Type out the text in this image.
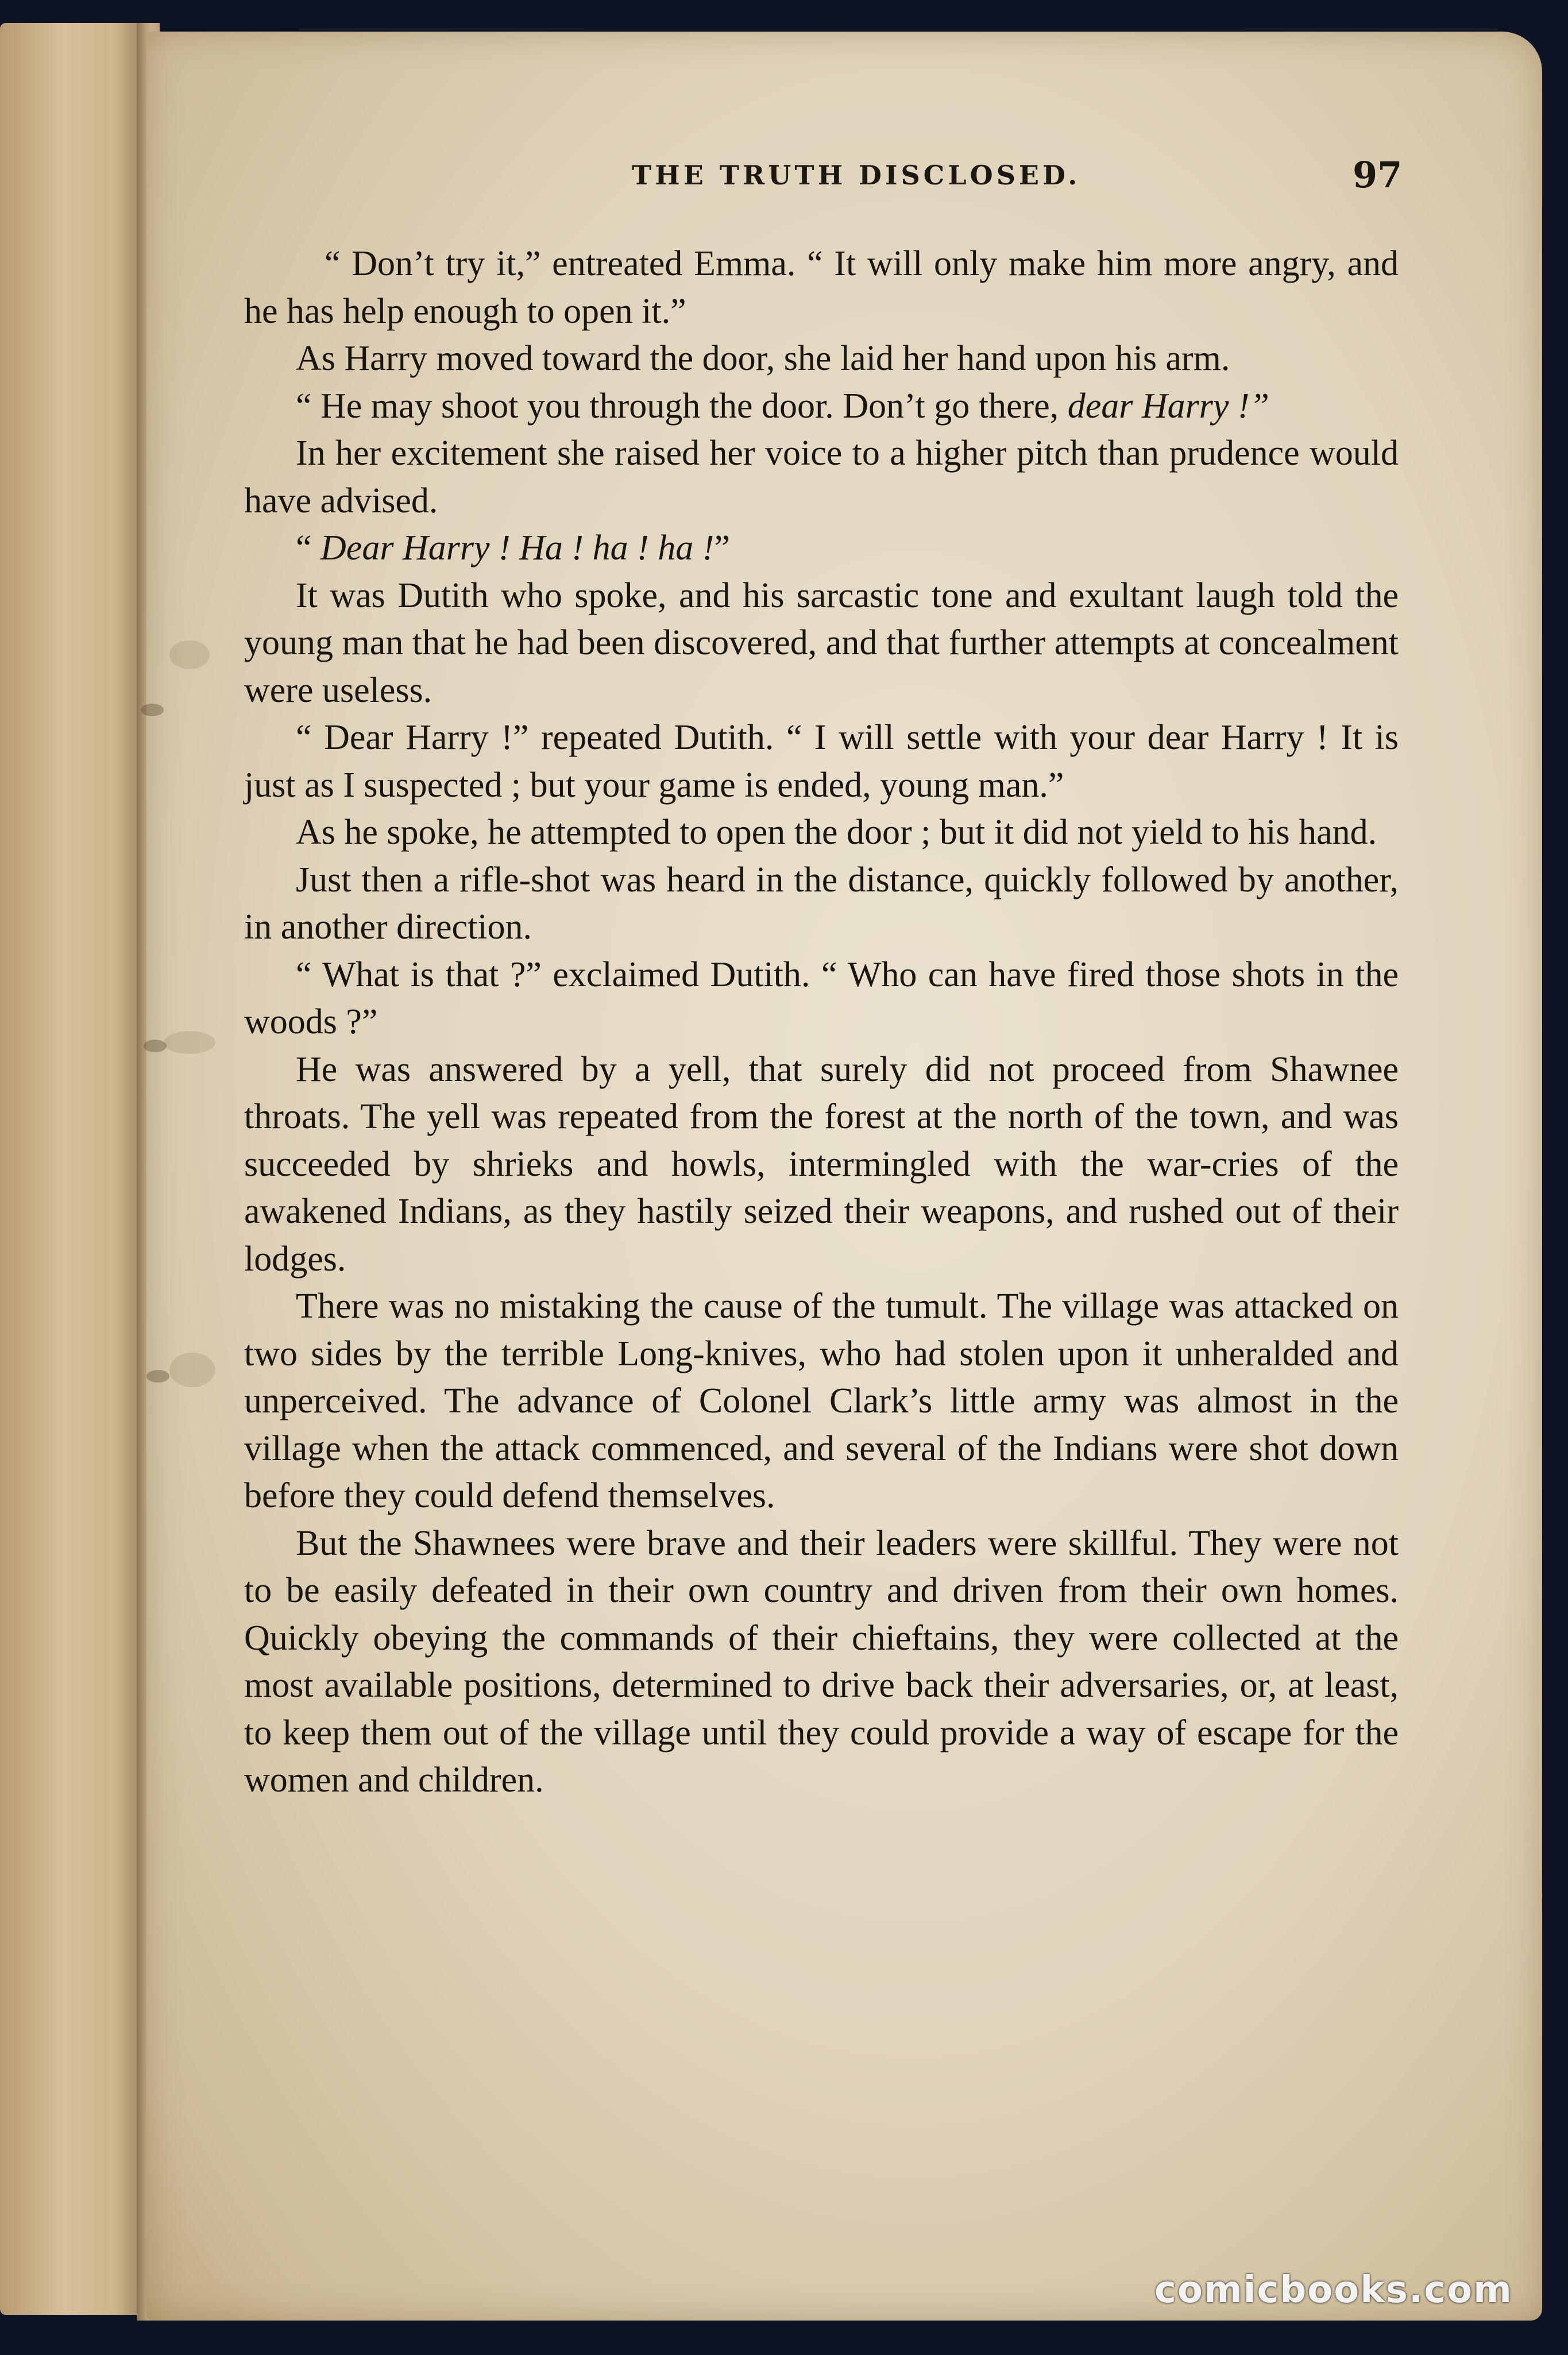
THE TRUTH DISCLOSED.	97

“ Don’t try it,” entreated Emma. “ It will only make him more angry, and he has help enough to open it.”

As Harry moved toward the door, she laid her hand upon his arm.

“ He may shoot you through the door. Don’t go there, dear Harry !”

In her excitement she raised her voice to a higher pitch than prudence would have advised.

“ Dear Harry ! Ha ! ha ! ha !”

It was Dutith who spoke, and his sarcastic tone and exultant laugh told the young man that he had been discovered, and that further attempts at concealment were useless.

“ Dear Harry !” repeated Dutith. “ I will settle with your dear Harry ! It is just as I suspected ; but your game is ended, young man.”

As he spoke, he attempted to open the door ; but it did not yield to his hand.

Just then a rifle-shot was heard in the distance, quickly followed by another, in another direction.

“ What is that ?” exclaimed Dutith. “ Who can have fired those shots in the woods ?”

He was answered by a yell, that surely did not proceed from Shawnee throats. The yell was repeated from the forest at the north of the town, and was succeeded by shrieks and howls, intermingled with the war-cries of the awakened Indians, as they hastily seized their weapons, and rushed out of their lodges.

There was no mistaking the cause of the tumult. The village was attacked on two sides by the terrible Long-knives, who had stolen upon it unheralded and unperceived. The advance of Colonel Clark’s little army was almost in the village when the attack commenced, and several of the Indians were shot down before they could defend themselves.

But the Shawnees were brave and their leaders were skillful. They were not to be easily defeated in their own country and driven from their own homes. Quickly obeying the commands of their chieftains, they were collected at the most available positions, determined to drive back their adversaries, or, at least, to keep them out of the village until they could provide a way of escape for the women and children.

comicbooks.com
